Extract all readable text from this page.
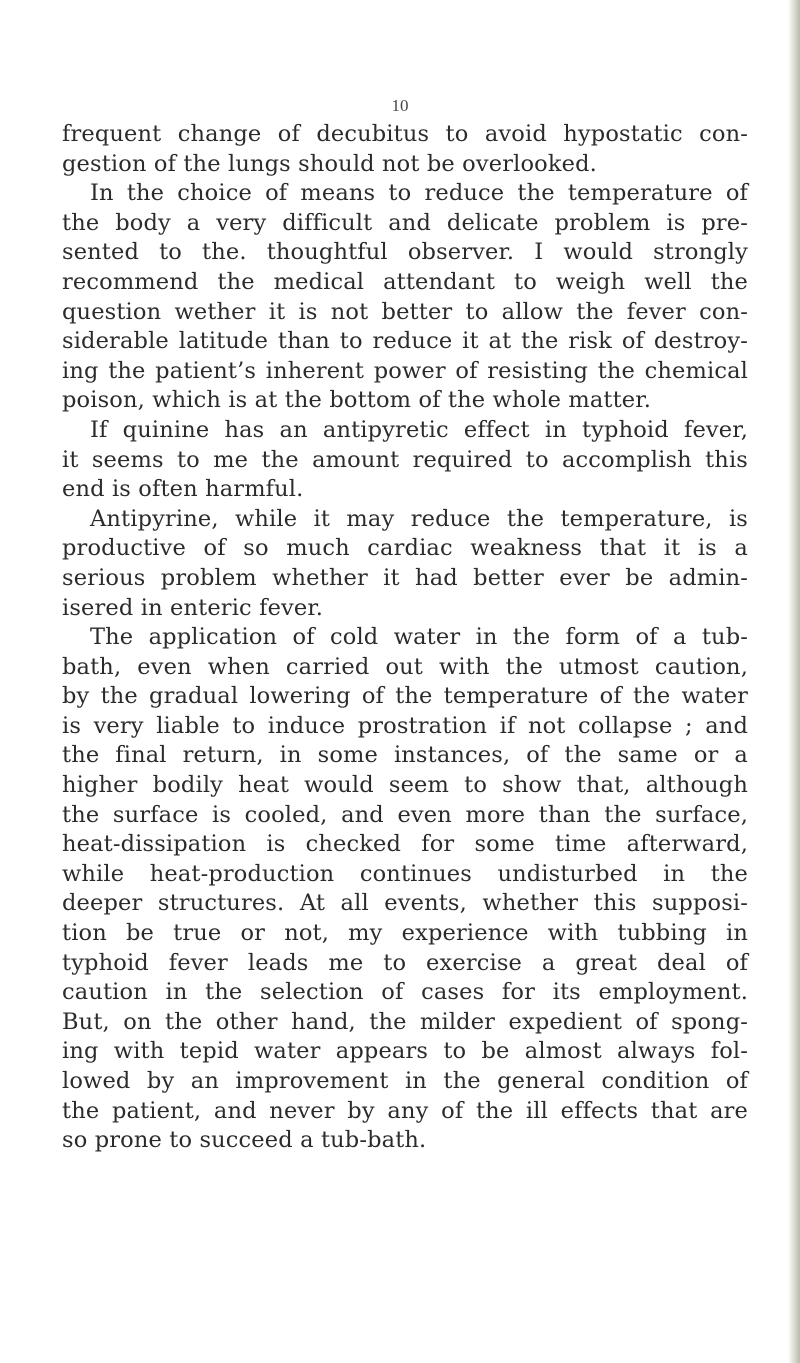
10
frequent change of decubitus to avoid hypostatic con-
gestion of the lungs should not be overlooked.
In the choice of means to reduce the temperature of
the body a very difficult and delicate problem is pre-
sented to the. thoughtful observer. I would strongly
recommend the medical attendant to weigh well the
question wether it is not better to allow the fever con-
siderable latitude than to reduce it at the risk of destroy-
ing the patient’s inherent power of resisting the chemical
poison, which is at the bottom of the whole matter.
If quinine has an antipyretic effect in typhoid fever,
it seems to me the amount required to accomplish this
end is often harmful.
Antipyrine, while it may reduce the temperature, is
productive of so much cardiac weakness that it is a
serious problem whether it had better ever be admin-
isered in enteric fever.
The application of cold water in the form of a tub-
bath, even when carried out with the utmost caution,
by the gradual lowering of the temperature of the water
is very liable to induce prostration if not collapse ; and
the final return, in some instances, of the same or a
higher bodily heat would seem to show that, although
the surface is cooled, and even more than the surface,
heat-dissipation is checked for some time afterward,
while heat-production continues undisturbed in the
deeper structures. At all events, whether this supposi-
tion be true or not, my experience with tubbing in
typhoid fever leads me to exercise a great deal of
caution in the selection of cases for its employment.
But, on the other hand, the milder expedient of spong-
ing with tepid water appears to be almost always fol-
lowed by an improvement in the general condition of
the patient, and never by any of the ill effects that are
so prone to succeed a tub-bath.
